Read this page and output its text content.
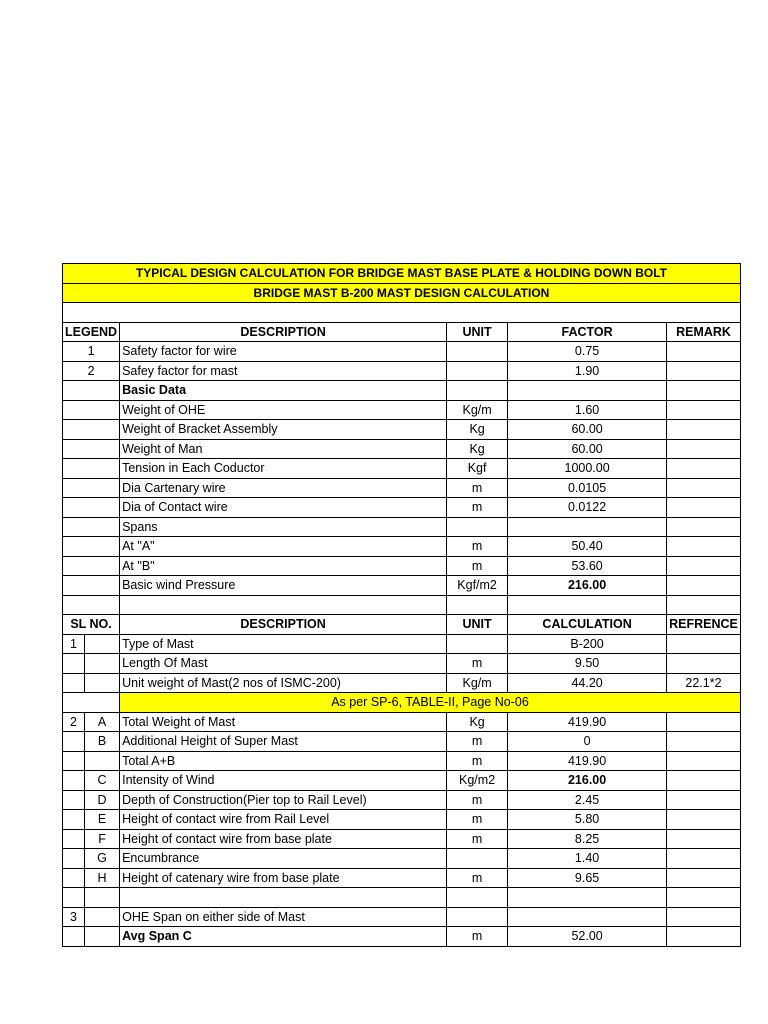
TYPICAL DESIGN CALCULATION FOR BRIDGE MAST BASE PLATE & HOLDING DOWN BOLT					
BRIDGE MAST B-200 MAST DESIGN CALCULATION					

LEGEND		DESCRIPTION	UNIT	FACTOR	REMARK
1		Safety factor for wire		0.75	
2		Safey factor for mast		1.90	
		Basic Data			
		Weight of OHE	Kg/m	1.60	
		Weight of Bracket Assembly	Kg	60.00	
		Weight of Man	Kg	60.00	
		Tension in Each Coductor	Kgf	1000.00	
		Dia Cartenary wire	m	0.0105	
		Dia of Contact wire	m	0.0122	
		Spans			
		At "A"	m	50.40	
		At "B"	m	53.60	
		Basic wind Pressure	Kgf/m2	216.00	

SL NO.		DESCRIPTION	UNIT	CALCULATION	REFRENCE
1		Type of Mast		B-200	
		Length Of Mast	m	9.50	
		Unit weight of Mast(2 nos of ISMC-200)	Kg/m	44.20	22.1*2
		As per SP-6, TABLE-II, Page No-06			
2	A	Total Weight of Mast	Kg	419.90	
	B	Additional Height of Super Mast	m	0	
		Total A+B	m	419.90	
	C	Intensity of Wind	Kg/m2	216.00	
	D	Depth of Construction(Pier top to Rail Level)	m	2.45	
	E	Height of contact wire from Rail Level	m	5.80	
	F	Height of contact wire from base plate	m	8.25	
	G	Encumbrance		1.40	
	H	Height of catenary wire from base plate	m	9.65	

3		OHE Span on either side of Mast			
		Avg Span C	m	52.00	
